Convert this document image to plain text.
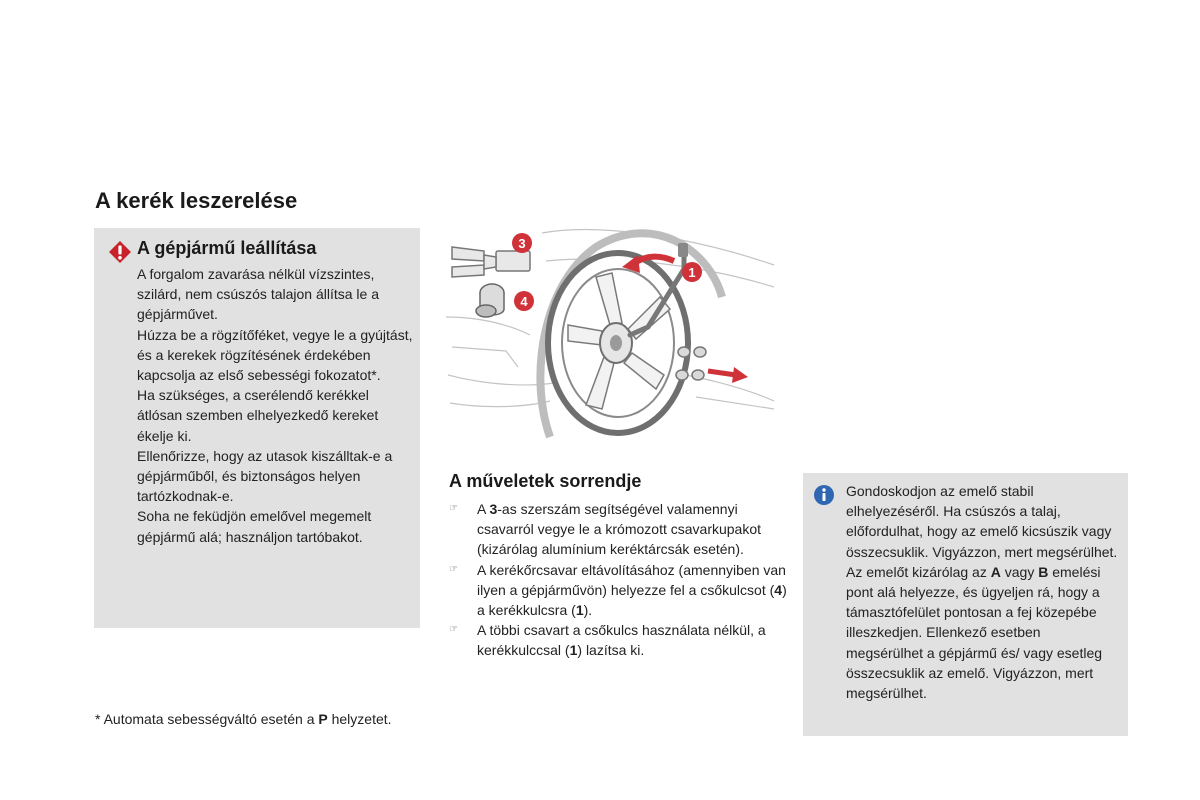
A kerék leszerelése
A gépjármű leállítása

A forgalom zavarása nélkül vízszintes, szilárd, nem csúszós talajon állítsa le a gépjárművet.

Húzza be a rögzítőféket, vegye le a gyújtást, és a kerekek rögzítésének érdekében kapcsolja az első sebességi fokozatot*.

Ha szükséges, a cserélendő kerékkel átlósan szemben elhelyezkedő kereket ékelje ki.

Ellenőrizze, hogy az utasok kiszálltak-e a gépjárműből, és biztonságos helyen tartózkodnak-e.

Soha ne feküdjön emelővel megemelt gépjármű alá; használjon tartóbakot.

3
4
1
A műveletek sorrendje
☞ A 3-as szerszám segítségével valamennyi csavarról vegye le a krómozott csavarkupakot (kizárólag alumínium keréktárcsák esetén).
☞ A kerékőrcsavar eltávolításához (amennyiben van ilyen a gépjárművön) helyezze fel a csőkulcsot (4) a kerékkulcsra (1).
☞ A többi csavart a csőkulcs használata nélkül, a kerékkulccsal (1) lazítsa ki.

Gondoskodjon az emelő stabil elhelyezéséről. Ha csúszós a talaj, előfordulhat, hogy az emelő kicsúszik vagy összecsuklik. Vigyázzon, mert megsérülhet.

Az emelőt kizárólag az A vagy B emelési pont alá helyezze, és ügyeljen rá, hogy a támasztófelület pontosan a fej közepébe illeszkedjen. Ellenkező esetben megsérülhet a gépjármű és/ vagy esetleg összecsuklik az emelő. Vigyázzon, mert megsérülhet.

* Automata sebességváltó esetén a P helyzetet.
